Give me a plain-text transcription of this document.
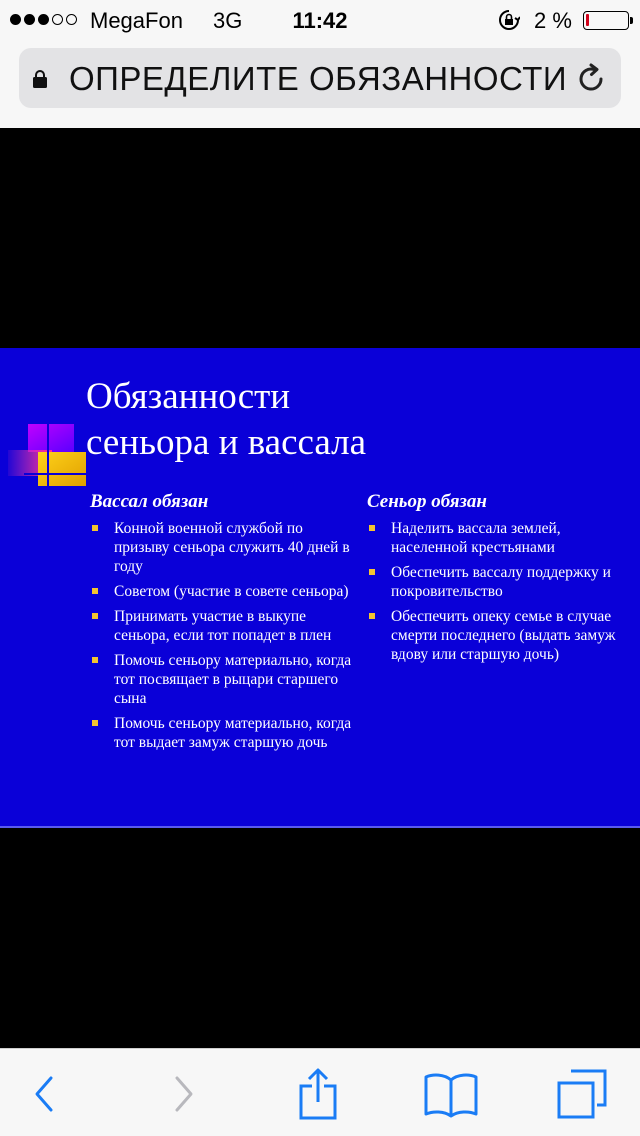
MegaFon 3G	11:42	2 %
ОПРЕДЕЛИТЕ ОБЯЗАННОСТИ
Обязанности
сеньора и вассала
Вассал обязан
Конной военной службой по призыву сеньора служить 40 дней в году
Советом (участие в совете сеньора)
Принимать участие в выкупе сеньора, если тот попадет в плен
Помочь сеньору материально, когда тот посвящает в рыцари старшего сына
Помочь сеньору материально, когда тот выдает замуж старшую дочь
Сеньор обязан
Наделить вассала землей, населенной крестьянами
Обеспечить вассалу поддержку и покровительство
Обеспечить опеку семье в случае смерти последнего (выдать замуж вдову или старшую дочь)
